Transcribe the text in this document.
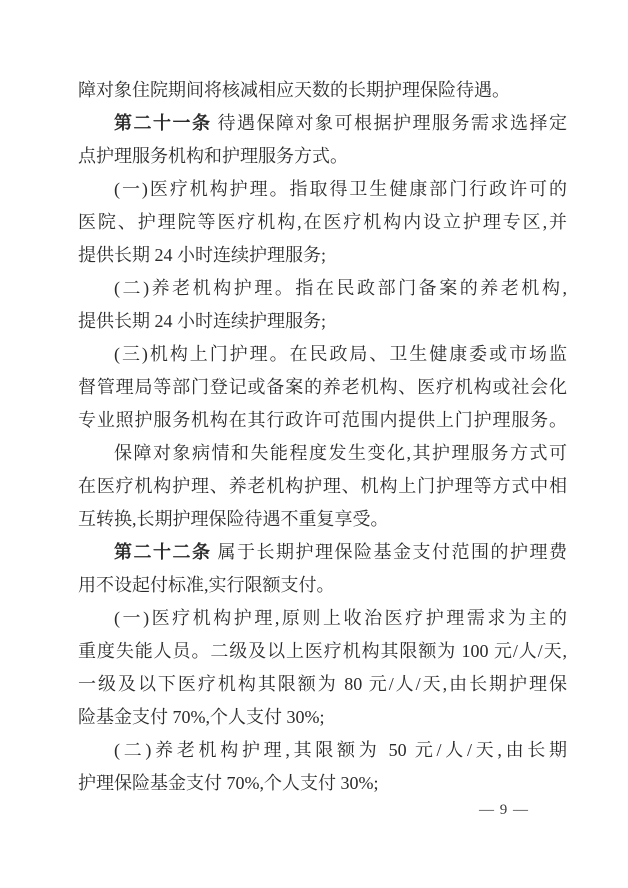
障对象住院期间将核减相应天数的长期护理保险待遇。
第二十一条 待遇保障对象可根据护理服务需求选择定
点护理服务机构和护理服务方式。
(一)医疗机构护理。指取得卫生健康部门行政许可的
医院、护理院等医疗机构,在医疗机构内设立护理专区,并
提供长期 24 小时连续护理服务;
(二)养老机构护理。指在民政部门备案的养老机构,
提供长期 24 小时连续护理服务;
(三)机构上门护理。在民政局、卫生健康委或市场监
督管理局等部门登记或备案的养老机构、医疗机构或社会化
专业照护服务机构在其行政许可范围内提供上门护理服务。
保障对象病情和失能程度发生变化,其护理服务方式可
在医疗机构护理、养老机构护理、机构上门护理等方式中相
互转换,长期护理保险待遇不重复享受。
第二十二条 属于长期护理保险基金支付范围的护理费
用不设起付标准,实行限额支付。
(一)医疗机构护理,原则上收治医疗护理需求为主的
重度失能人员。二级及以上医疗机构其限额为 100 元/人/天,
一级及以下医疗机构其限额为 80 元/人/天,由长期护理保
险基金支付 70%,个人支付 30%;
(二)养老机构护理,其限额为 50 元/人/天,由长期
护理保险基金支付 70%,个人支付 30%;
— 9 —
